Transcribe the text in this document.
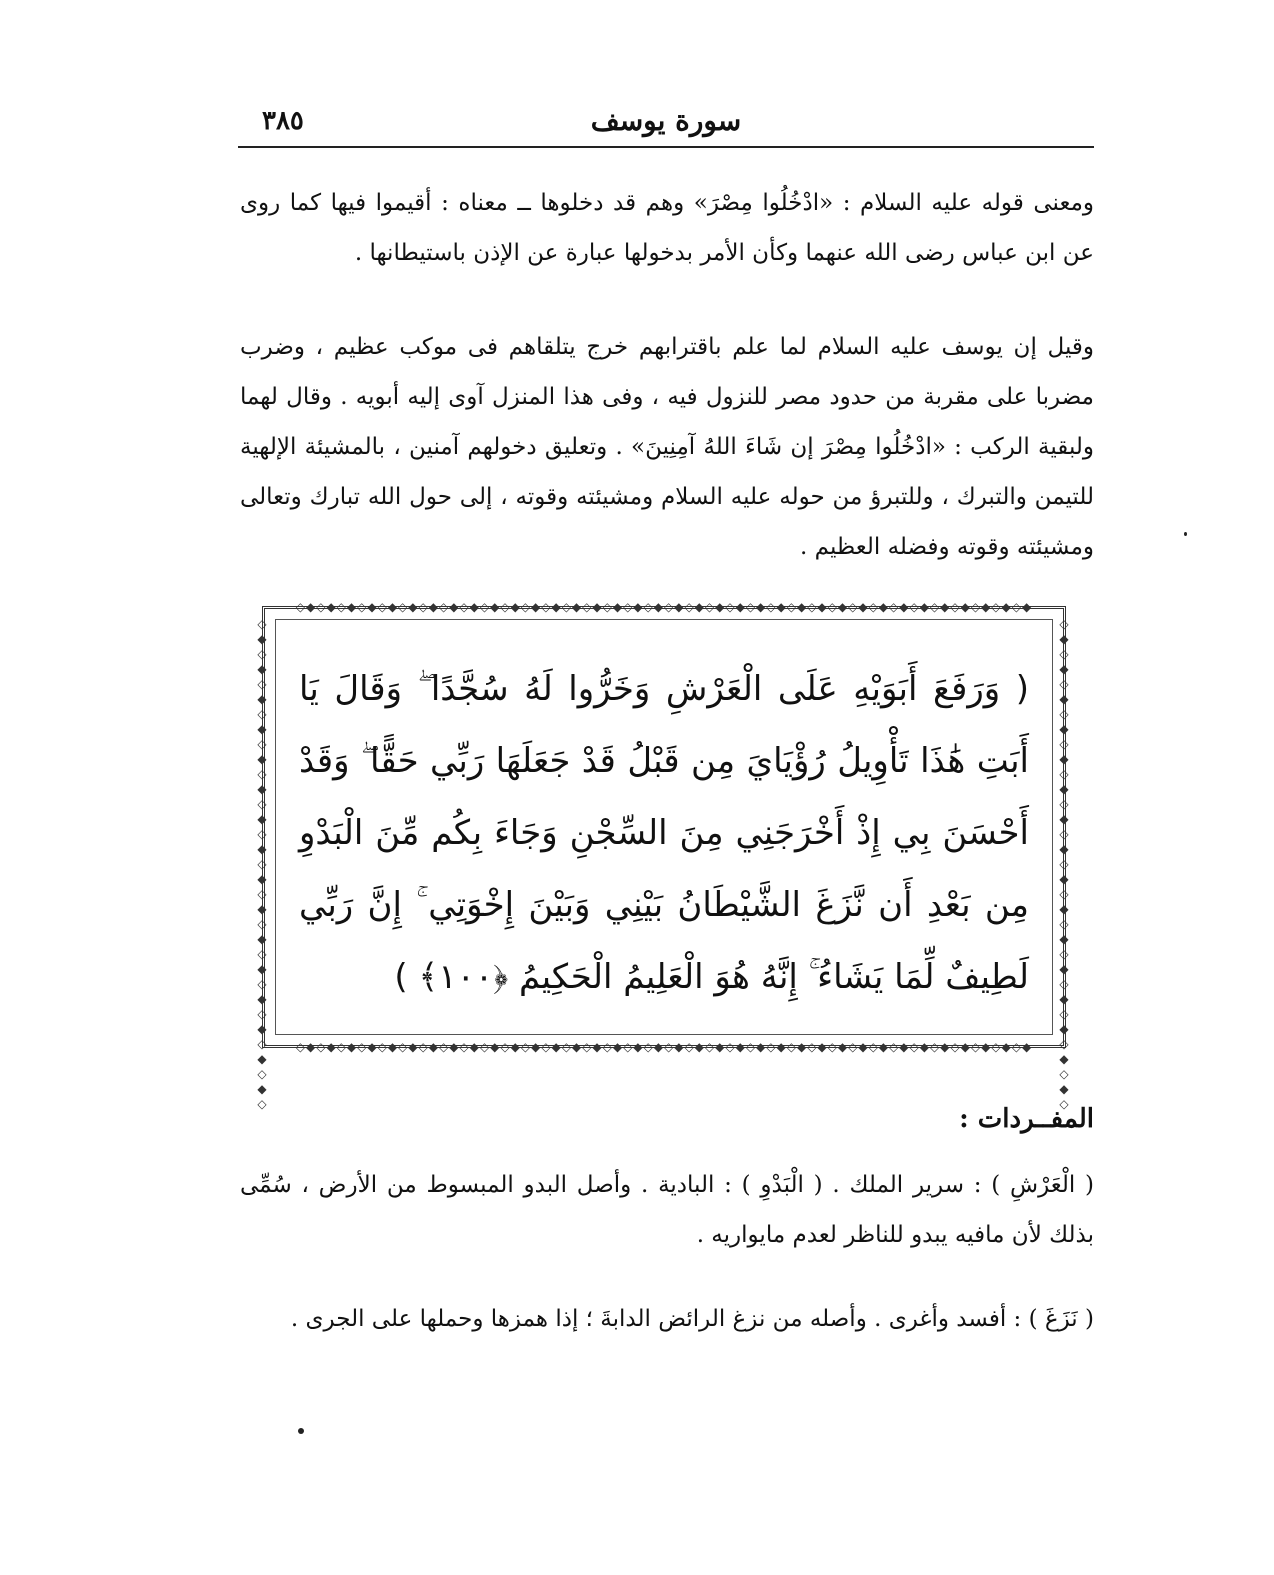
٣٨٥	سورة يوسف
ومعنى قوله عليه السلام : «ادْخُلُوا مِصْرَ» وهم قد دخلوها ــ معناه : أقيموا فيها كما روى عن ابن عباس رضى الله عنهما وكأن الأمر بدخولها عبارة عن الإذن باستيطانها .
وقيل إن يوسف عليه السلام لما علم باقترابهم خرج يتلقاهم فى موكب عظيم ، وضرب مضربا على مقربة من حدود مصر للنزول فيه ، وفى هذا المنزل آوى إليه أبويه . وقال لهما ولبقية الركب : «ادْخُلُوا مِصْرَ إن شَاءَ اللهُ آمِنِينَ» . وتعليق دخولهم آمنين ، بالمشيئة الإلهية للتيمن والتبرك ، وللتبرؤ من حوله عليه السلام ومشيئته وقوته ، إلى حول الله تبارك وتعالى ومشيئته وقوته وفضله العظيم .
◇◆◇◆◇◆◇◆◇◆◇◆◇◆◇◆◇◆◇◆◇◆◇◆◇◆◇◆◇◆◇◆◇◆◇◆◇◆◇◆◇◆◇◆◇◆◇◆◇◆◇◆◇◆◇◆◇◆◇◆◇◆◇◆◇◆◇◆◇◆◇◆
◇◆◇◆◇◆◇◆◇◆◇◆◇◆◇◆◇◆◇◆◇◆◇◆◇◆◇◆◇◆◇◆◇◆◇◆◇◆◇◆◇◆◇◆◇◆◇◆◇◆◇◆◇◆◇◆◇◆◇◆◇◆◇◆◇◆◇◆◇◆◇◆
◇◆◇◆◇◆◇◆◇◆◇◆◇◆◇◆◇◆◇◆◇◆◇◆◇◆◇◆◇◆◇◆◇	◇◆◇◆◇◆◇◆◇◆◇◆◇◆◇◆◇◆◇◆◇◆◇◆◇◆◇◆◇◆◇◆◇
( وَرَفَعَ أَبَوَيْهِ عَلَى الْعَرْشِ وَخَرُّوا لَهُ سُجَّدًا ۖ وَقَالَ يَا أَبَتِ هَٰذَا تَأْوِيلُ رُؤْيَايَ مِن قَبْلُ قَدْ جَعَلَهَا رَبِّي حَقًّا ۖ وَقَدْ أَحْسَنَ بِي إِذْ أَخْرَجَنِي مِنَ السِّجْنِ وَجَاءَ بِكُم مِّنَ الْبَدْوِ مِن بَعْدِ أَن نَّزَغَ الشَّيْطَانُ بَيْنِي وَبَيْنَ إِخْوَتِي ۚ إِنَّ رَبِّي لَطِيفٌ لِّمَا يَشَاءُ ۚ إِنَّهُ هُوَ الْعَلِيمُ الْحَكِيمُ ﴿١٠٠﴾ )
المفــردات :
( الْعَرْشِ ) : سرير الملك . ( الْبَدْوِ ) : البادية . وأصل البدو المبسوط من الأرض ، سُمِّى بذلك لأن مافيه يبدو للناظر لعدم مايواريه .
( نَزَغَ ) : أفسد وأغرى . وأصله من نزغ الرائض الدابةَ ؛ إذا همزها وحملها على الجرى .
